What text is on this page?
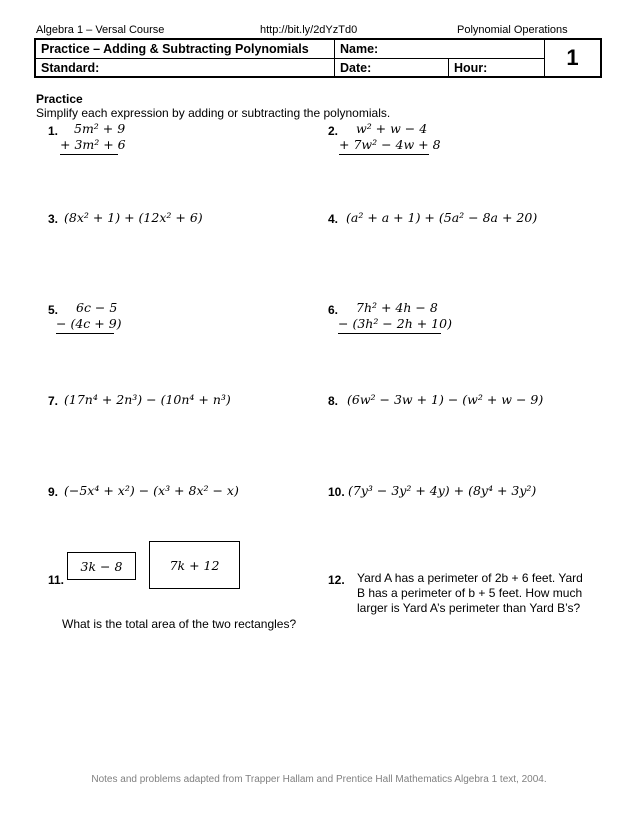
Algebra 1 – Versal Course	http://bit.ly/2dYzTd0	Polynomial Operations
Practice – Adding & Subtracting Polynomials	Name:
Standard:	Date:	Hour:	1
Practice
Simplify each expression by adding or subtracting the polynomials.
1. 5m² + 9
+ 3m² + 6
2. w² + w − 4
+ 7w² − 4w + 8
3. (8x² + 1) + (12x² + 6)	4. (a² + a + 1) + (5a² − 8a + 20)
5. 6c − 5
− (4c + 9)
6. 7h² + 4h − 8
− (3h² − 2h + 10)
7. (17n⁴ + 2n³) − (10n⁴ + n³)	8. (6w² − 3w + 1) − (w² + w − 9)
9. (−5x⁴ + x²) − (x³ + 8x² − x)	10. (7y³ − 3y² + 4y) + (8y⁴ + 3y²)
11.
3k − 8	7k + 12
What is the total area of the two rectangles?
12. Yard A has a perimeter of 2b + 6 feet. Yard B has a perimeter of b + 5 feet. How much larger is Yard A’s perimeter than Yard B’s?
Notes and problems adapted from Trapper Hallam and Prentice Hall Mathematics Algebra 1 text, 2004.
